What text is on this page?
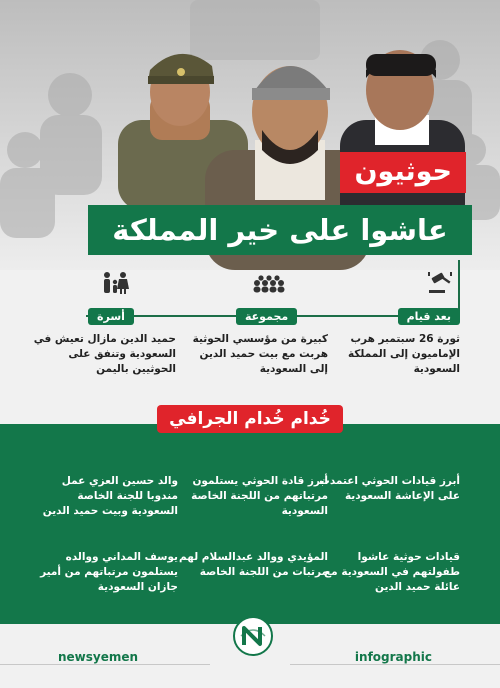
حوثيون
عاشوا على خير المملكة
بعد قيام
ثورة 26 سبتمبر هرب الإماميون إلى المملكة السعودية
مجموعة
كبيرة من مؤسسي الحوثية هربت مع بيت حميد الدين إلى السعودية
أسرة
حميد الدين مازال تعيش في السعودية وتنفق على الحوثيين باليمن
خُدام خُدام الجرافي
أبرز قيادات الحوثي اعتمدت على الإعاشة السعودية
أبرز قادة الحوثي يستلمون مرتباتهم من اللجنة الخاصة السعودية
والد حسين العزي عمل مندوبا للجنة الخاصة السعودية وبيت حميد الدين
قيادات حوثية عاشوا طفولتهم في السعودية مع عائلة حميد الدين
المؤيدي ووالد عبدالسلام لهم مرتبات من اللجنة الخاصة
يوسف المداني ووالده يستلمون مرتباتهم من أمير جازان السعودية
newsyemen	infographic
